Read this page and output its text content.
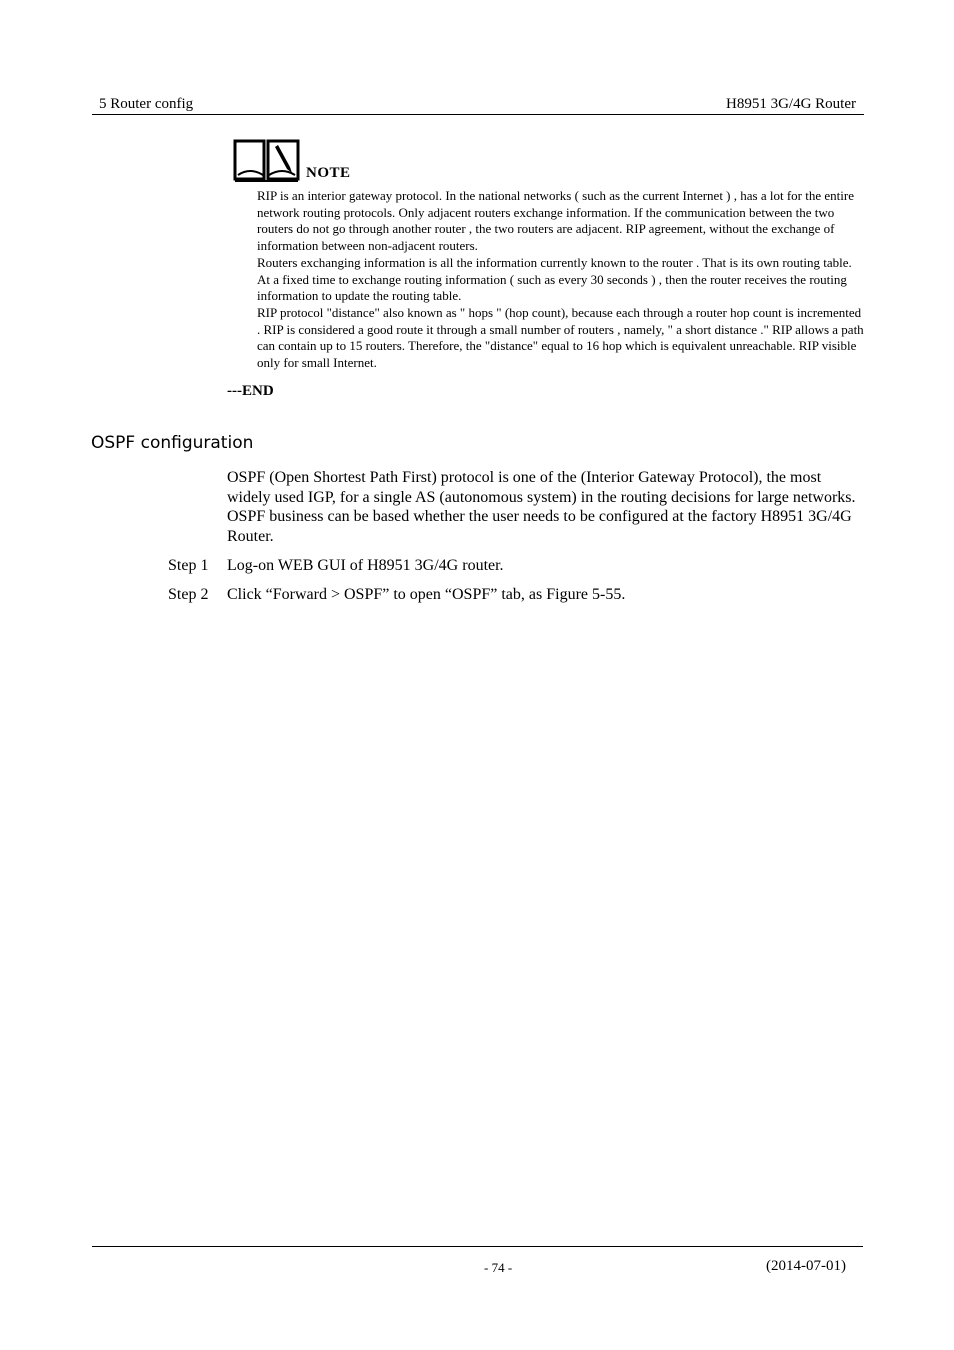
5 Router config	H8951 3G/4G Router
NOTE

RIP is an interior gateway protocol. In the national networks ( such as the current Internet ) , has a lot for the entire network routing protocols. Only adjacent routers exchange information. If the communication between the two routers do not go through another router , the two routers are adjacent. RIP agreement, without the exchange of information between non-adjacent routers.

Routers exchanging information is all the information currently known to the router . That is its own routing table. At a fixed time to exchange routing information ( such as every 30 seconds ) , then the router receives the routing information to update the routing table.

RIP protocol "distance" also known as " hops " (hop count), because each through a router hop count is incremented . RIP is considered a good route it through a small number of routers , namely, " a short distance ." RIP allows a path can contain up to 15 routers. Therefore, the "distance" equal to 16 hop which is equivalent unreachable. RIP visible only for small Internet.

---END
OSPF configuration

OSPF (Open Shortest Path First) protocol is one of the (Interior Gateway Protocol), the most widely used IGP, for a single AS (autonomous system) in the routing decisions for large networks. OSPF business can be based whether the user needs to be configured at the factory H8951 3G/4G Router.

Step 1 Log-on WEB GUI of H8951 3G/4G router.
Step 2 Click “Forward > OSPF” to open “OSPF” tab, as Figure 5-55.
- 74 -	(2014-07-01)
